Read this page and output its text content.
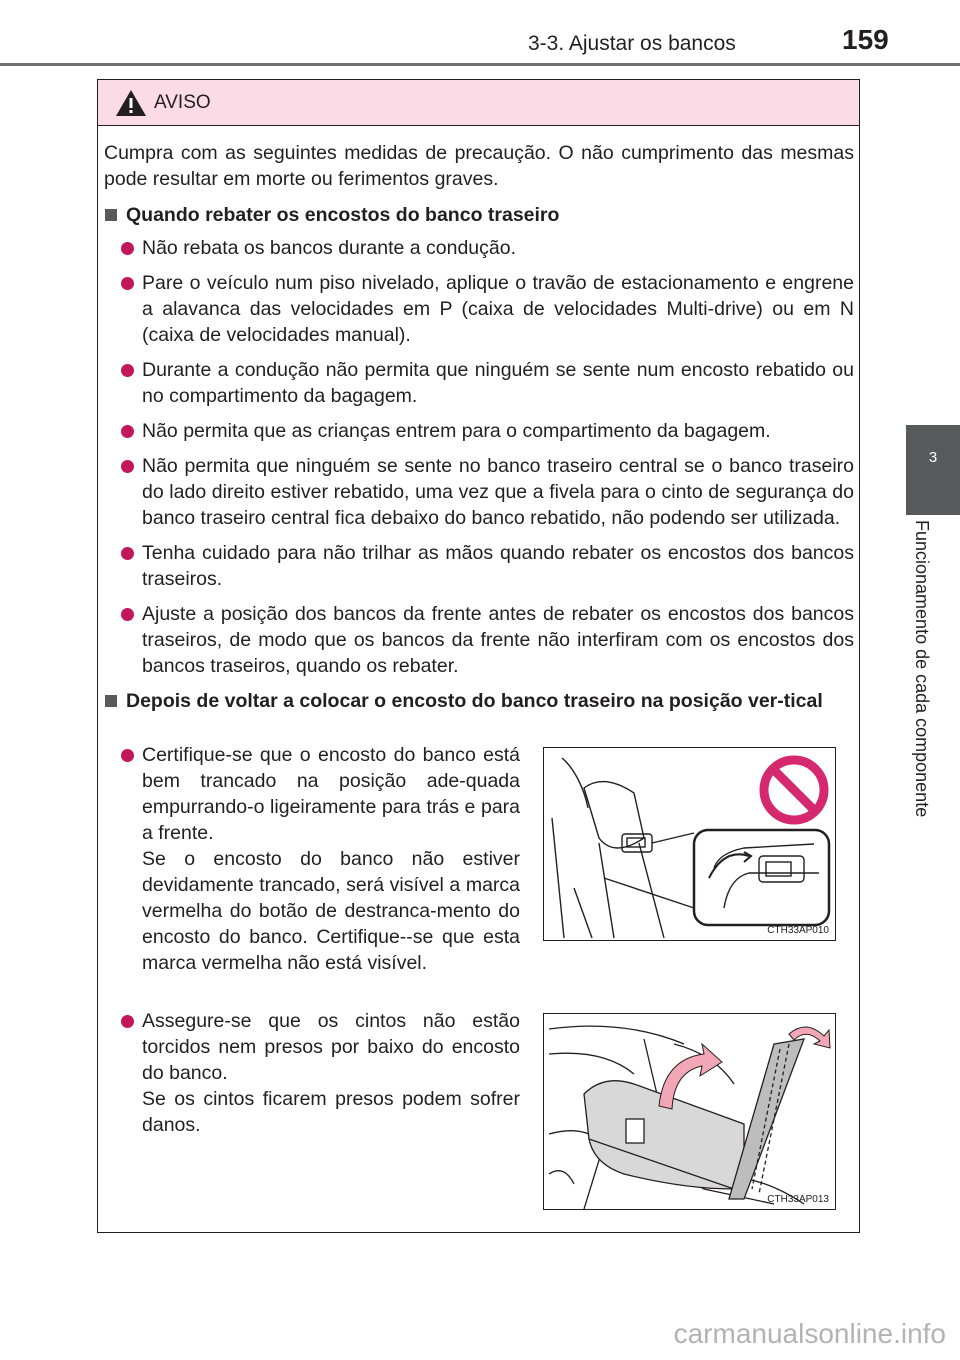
3-3. Ajustar os bancos	159
3
Funcionamento de cada componente
AVISO

Cumpra com as seguintes medidas de precaução. O não cumprimento das mesmas pode resultar em morte ou ferimentos graves.

Quando rebater os encostos do banco traseiro
Não rebata os bancos durante a condução.
Pare o veículo num piso nivelado, aplique o travão de estacionamento e engrene a alavanca das velocidades em P (caixa de velocidades Multi-drive) ou em N (caixa de velocidades manual).
Durante a condução não permita que ninguém se sente num encosto rebatido ou no compartimento da bagagem.
Não permita que as crianças entrem para o compartimento da bagagem.
Não permita que ninguém se sente no banco traseiro central se o banco traseiro do lado direito estiver rebatido, uma vez que a fivela para o cinto de segurança do banco traseiro central fica debaixo do banco rebatido, não podendo ser utilizada.
Tenha cuidado para não trilhar as mãos quando rebater os encostos dos bancos traseiros.
Ajuste a posição dos bancos da frente antes de rebater os encostos dos bancos traseiros, de modo que os bancos da frente não interfiram com os encostos dos bancos traseiros, quando os rebater.
Depois de voltar a colocar o encosto do banco traseiro na posição ver-tical
Certifique-se que o encosto do banco está bem trancado na posição ade-quada empurrando-o ligeiramente para trás e para a frente.
Se o encosto do banco não estiver devidamente trancado, será visível a marca vermelha do botão de destranca-mento do encosto do banco. Certifique--se que esta marca vermelha não está visível.
CTH33AP010
Assegure-se que os cintos não estão torcidos nem presos por baixo do encosto do banco.
Se os cintos ficarem presos podem sofrer danos.
CTH33AP013
carmanualsonline.info
